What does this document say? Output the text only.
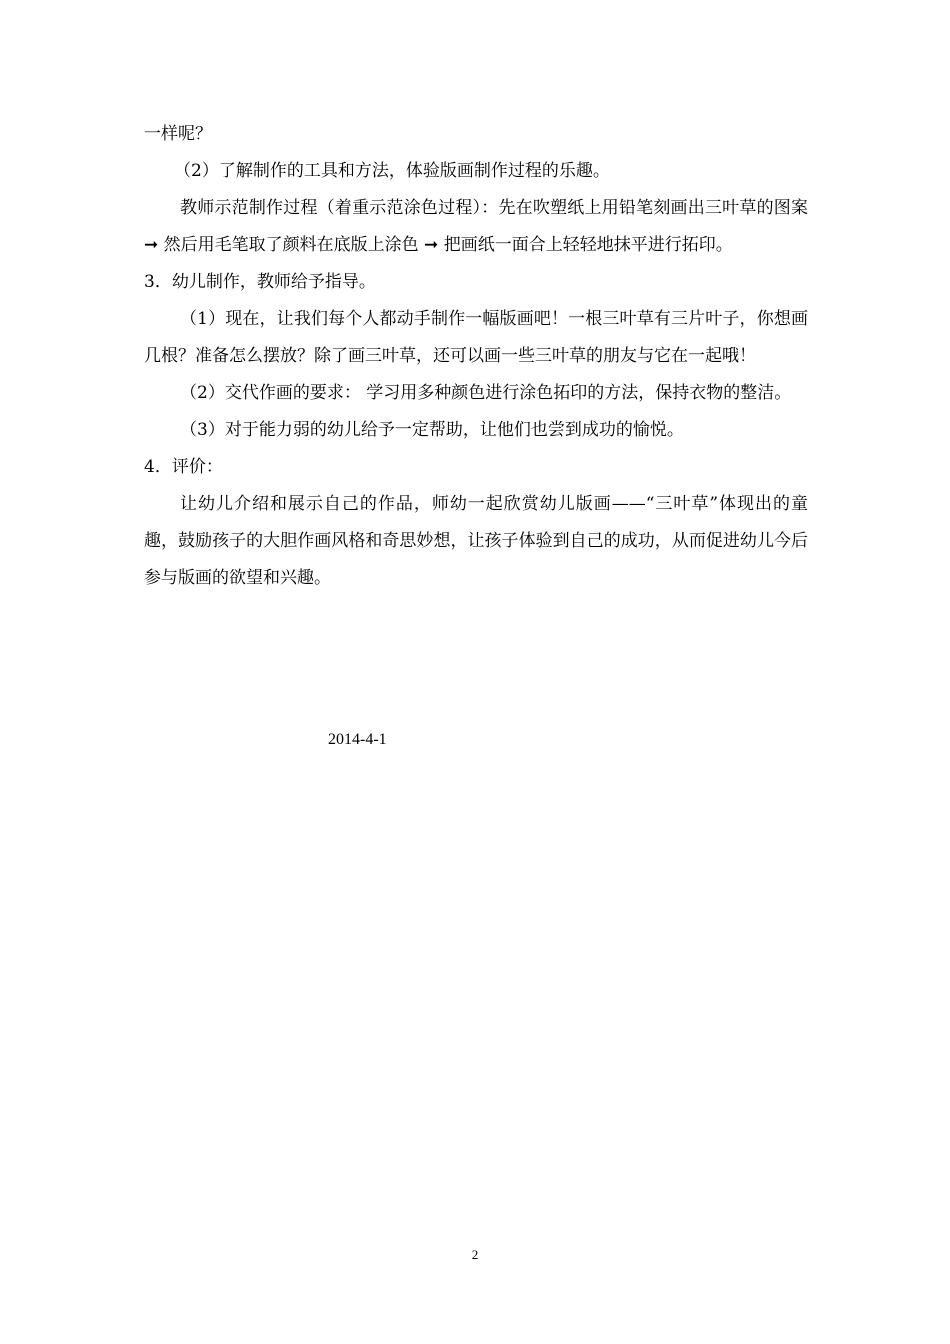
一样呢？

（2）了解制作的工具和方法，体验版画制作过程的乐趣。

教师示范制作过程（着重示范涂色过程）：先在吹塑纸上用铅笔刻画出三叶草的图案 ➞ 然后用毛笔取了颜料在底版上涂色 ➞ 把画纸一面合上轻轻地抹平进行拓印。

3．幼儿制作，教师给予指导。

（1）现在，让我们每个人都动手制作一幅版画吧！一根三叶草有三片叶子，你想画几根？准备怎么摆放？除了画三叶草，还可以画一些三叶草的朋友与它在一起哦！

（2）交代作画的要求： 学习用多种颜色进行涂色拓印的方法，保持衣物的整洁。

（3）对于能力弱的幼儿给予一定帮助，让他们也尝到成功的愉悦。

4．评价：

让幼儿介绍和展示自己的作品，师幼一起欣赏幼儿版画——“三叶草”体现出的童趣，鼓励孩子的大胆作画风格和奇思妙想，让孩子体验到自己的成功，从而促进幼儿今后参与版画的欲望和兴趣。

2014-4-1
2
